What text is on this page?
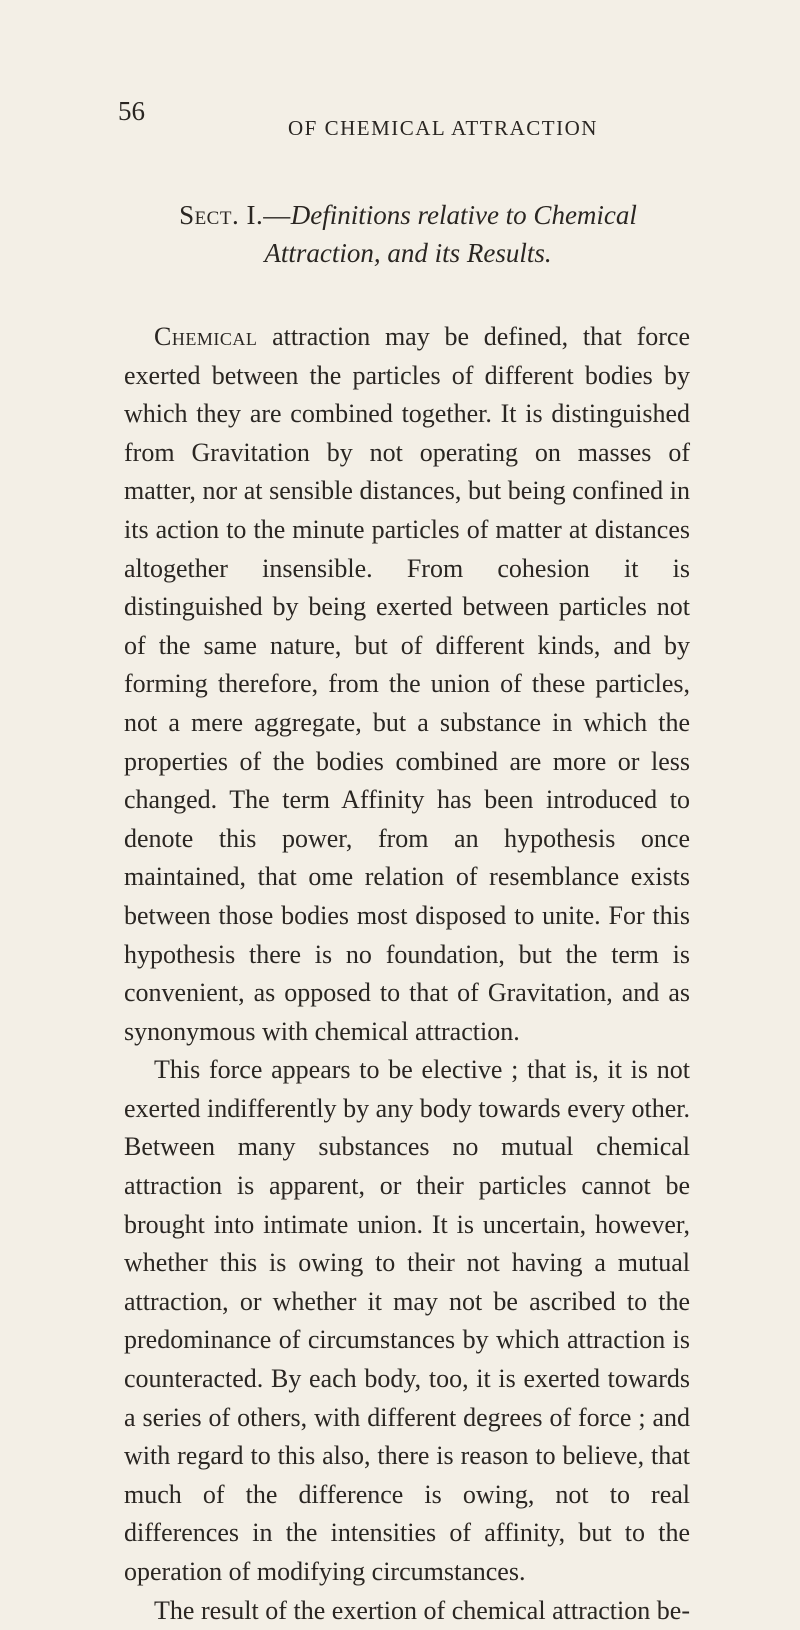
56
OF CHEMICAL ATTRACTION
Sect. I.—Definitions relative to Chemical Attraction, and its Results.

Chemical attraction may be defined, that force exerted between the particles of different bodies by which they are combined together. It is distinguished from Gravitation by not operating on masses of matter, nor at sensible distances, but being confined in its action to the minute particles of matter at distances altogether insensible. From cohesion it is distinguished by being exerted between particles not of the same nature, but of different kinds, and by forming therefore, from the union of these particles, not a mere aggregate, but a substance in which the properties of the bodies combined are more or less changed. The term Affinity has been introduced to denote this power, from an hypothesis once maintained, that ome relation of resemblance exists between those bodies most disposed to unite. For this hypothesis there is no foundation, but the term is convenient, as opposed to that of Gravitation, and as synonymous with chemical attraction.

This force appears to be elective ; that is, it is not exerted indifferently by any body towards every other. Between many substances no mutual chemical attraction is apparent, or their particles cannot be brought into intimate union. It is uncertain, however, whether this is owing to their not having a mutual attraction, or whether it may not be ascribed to the predominance of circumstances by which attraction is counteracted. By each body, too, it is exerted towards a series of others, with different degrees of force ; and with regard to this also, there is reason to believe, that much of the difference is owing, not to real differences in the intensities of affinity, but to the operation of modifying circumstances.

The result of the exertion of chemical attraction be-
